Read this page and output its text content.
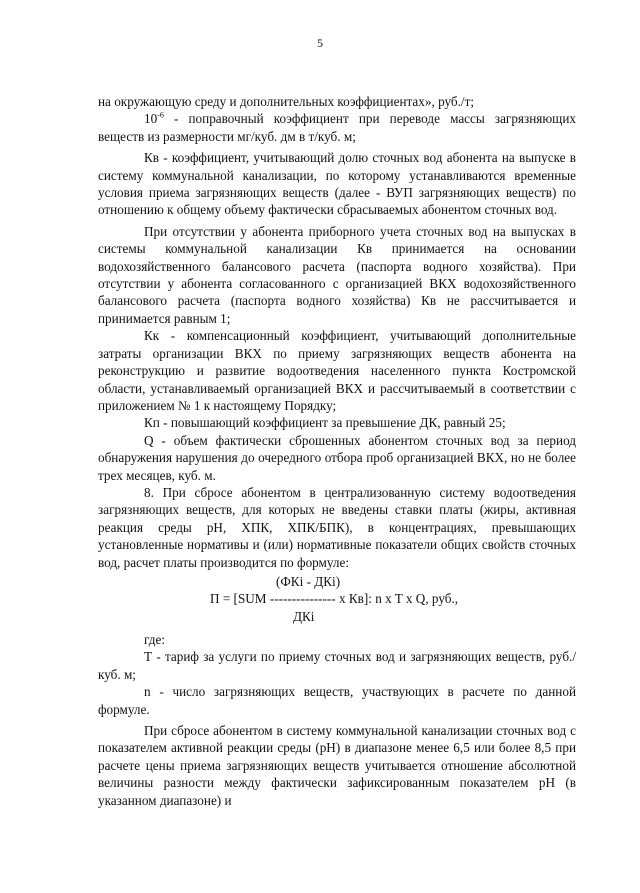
5

на окружающую среду и дополнительных коэффициентах», руб./т;

$10^{-6}$ - поправочный коэффициент при переводе массы загрязняющих веществ из размерности мг/куб. дм в т/куб. м;

Кв - коэффициент, учитывающий долю сточных вод абонента на выпуске в систему коммунальной канализации, по которому устанавливаются временные условия приема загрязняющих веществ (далее - ВУП загрязняющих веществ) по отношению к общему объему фактически сбрасываемых абонентом сточных вод.

При отсутствии у абонента приборного учета сточных вод на выпусках в системы коммунальной канализации Кв принимается на основании водохозяйственного балансового расчета (паспорта водного хозяйства). При отсутствии у абонента согласованного с организацией ВКХ водохозяйственного балансового расчета (паспорта водного хозяйства) Кв не рассчитывается и принимается равным 1;

Кк - компенсационный коэффициент, учитывающий дополнительные затраты организации ВКХ по приему загрязняющих веществ абонента на реконструкцию и развитие водоотведения населенного пункта Костромской области, устанавливаемый организацией ВКХ и рассчитываемый в соответствии с приложением № 1 к настоящему Порядку;

Кп - повышающий коэффициент за превышение ДК, равный 25;

Q - объем фактически сброшенных абонентом сточных вод за период обнаружения нарушения до очередного отбора проб организацией ВКХ, но не более трех месяцев, куб. м.

8. При сбросе абонентом в централизованную систему водоотведения загрязняющих веществ, для которых не введены ставки платы (жиры, активная реакция среды pH, ХПК, ХПК/БПК), в концентрациях, превышающих установленные нормативы и (или) нормативные показатели общих свойств сточных вод, расчет платы производится по формуле:

(ФКi - ДКi)
П = [SUM --------------- x Кв]: n x T x Q, руб.,
ДКi

где:

Т - тариф за услуги по приему сточных вод и загрязняющих веществ, руб./куб. м;

n - число загрязняющих веществ, участвующих в расчете по данной формуле.

При сбросе абонентом в систему коммунальной канализации сточных вод с показателем активной реакции среды (pH) в диапазоне менее 6,5 или более 8,5 при расчете цены приема загрязняющих веществ учитывается отношение абсолютной величины разности между фактически зафиксированным показателем pH (в указанном диапазоне) и
